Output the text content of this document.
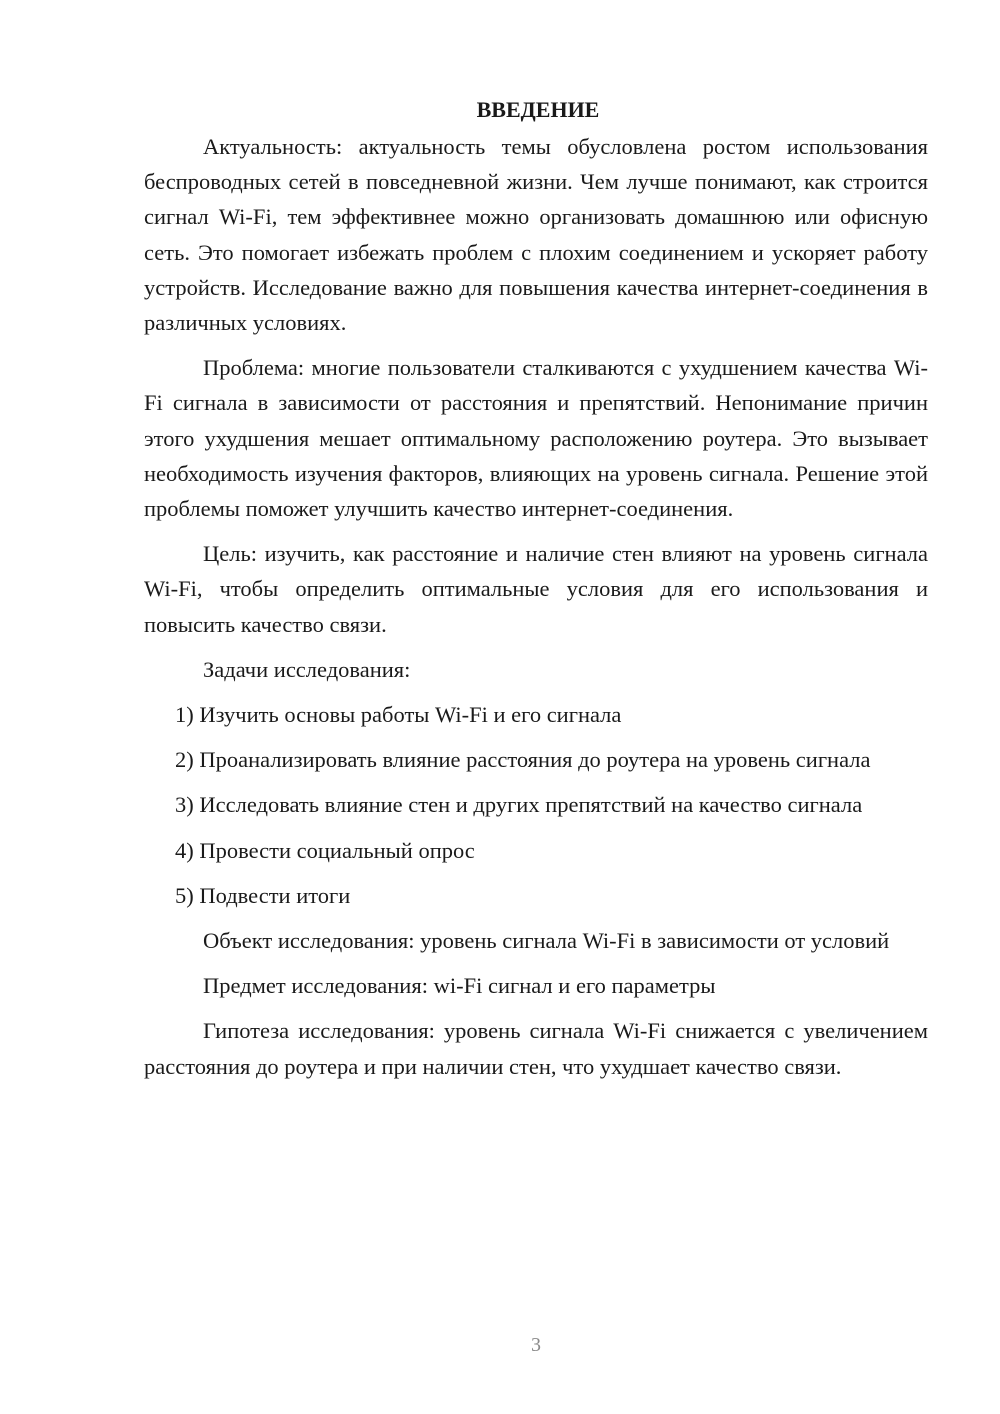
ВВЕДЕНИЕ

Актуальность: актуальность темы обусловлена ростом использования беспроводных сетей в повседневной жизни. Чем лучше понимают, как строится сигнал Wi-Fi, тем эффективнее можно организовать домашнюю или офисную сеть. Это помогает избежать проблем с плохим соединением и ускоряет работу устройств. Исследование важно для повышения качества интернет-соединения в различных условиях.

Проблема: многие пользователи сталкиваются с ухудшением качества Wi-Fi сигнала в зависимости от расстояния и препятствий. Непонимание причин этого ухудшения мешает оптимальному расположению роутера. Это вызывает необходимость изучения факторов, влияющих на уровень сигнала. Решение этой проблемы поможет улучшить качество интернет-соединения.

Цель: изучить, как расстояние и наличие стен влияют на уровень сигнала Wi-Fi, чтобы определить оптимальные условия для его использования и повысить качество связи.

Задачи исследования:

1) Изучить основы работы Wi-Fi и его сигнала

2) Проанализировать влияние расстояния до роутера на уровень сигнала

3) Исследовать влияние стен и других препятствий на качество сигнала

4) Провести социальный опрос

5) Подвести итоги

Объект исследования: уровень сигнала Wi-Fi в зависимости от условий

Предмет исследования: wi-Fi сигнал и его параметры

Гипотеза исследования: уровень сигнала Wi-Fi снижается с увеличением расстояния до роутера и при наличии стен, что ухудшает качество связи.

3
